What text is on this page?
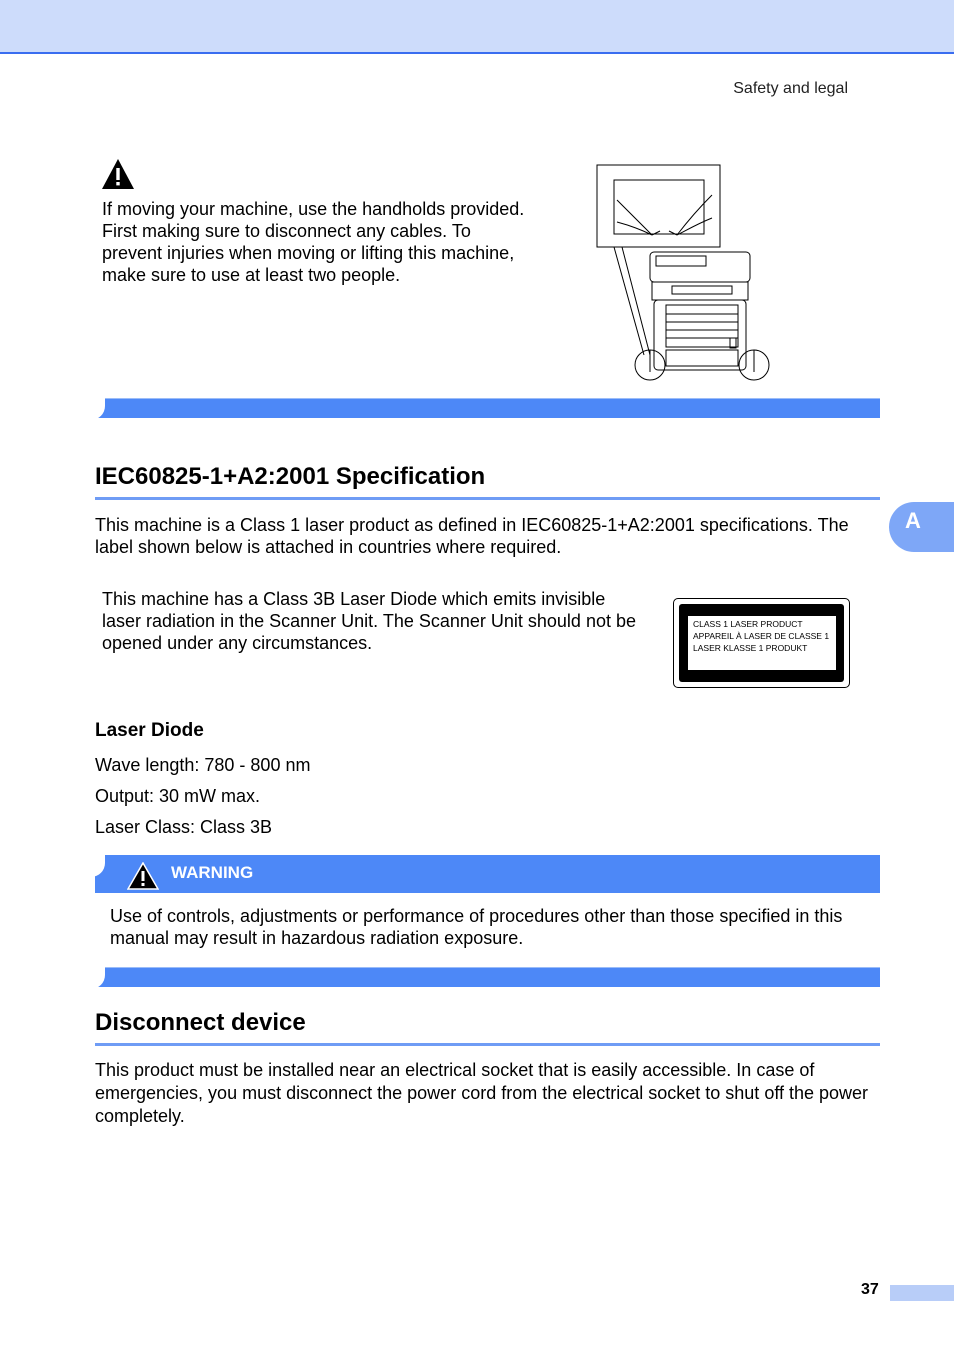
Safety and legal
If moving your machine, use the handholds provided. First making sure to disconnect any cables. To prevent injuries when moving or lifting this machine, make sure to use at least two people.
IEC60825-1+A2:2001 Specification
A
This machine is a Class 1 laser product as defined in IEC60825-1+A2:2001 specifications. The label shown below is attached in countries where required.
This machine has a Class 3B Laser Diode which emits invisible laser radiation in the Scanner Unit. The Scanner Unit should not be opened under any circumstances.
CLASS 1 LASER PRODUCT
APPAREIL À LASER DE CLASSE 1
LASER KLASSE 1 PRODUKT
Laser Diode
Wave length: 780 - 800 nm
Output: 30 mW max.
Laser Class: Class 3B
WARNING
Use of controls, adjustments or performance of procedures other than those specified in this manual may result in hazardous radiation exposure.
Disconnect device
This product must be installed near an electrical socket that is easily accessible. In case of emergencies, you must disconnect the power cord from the electrical socket to shut off the power completely.
37
